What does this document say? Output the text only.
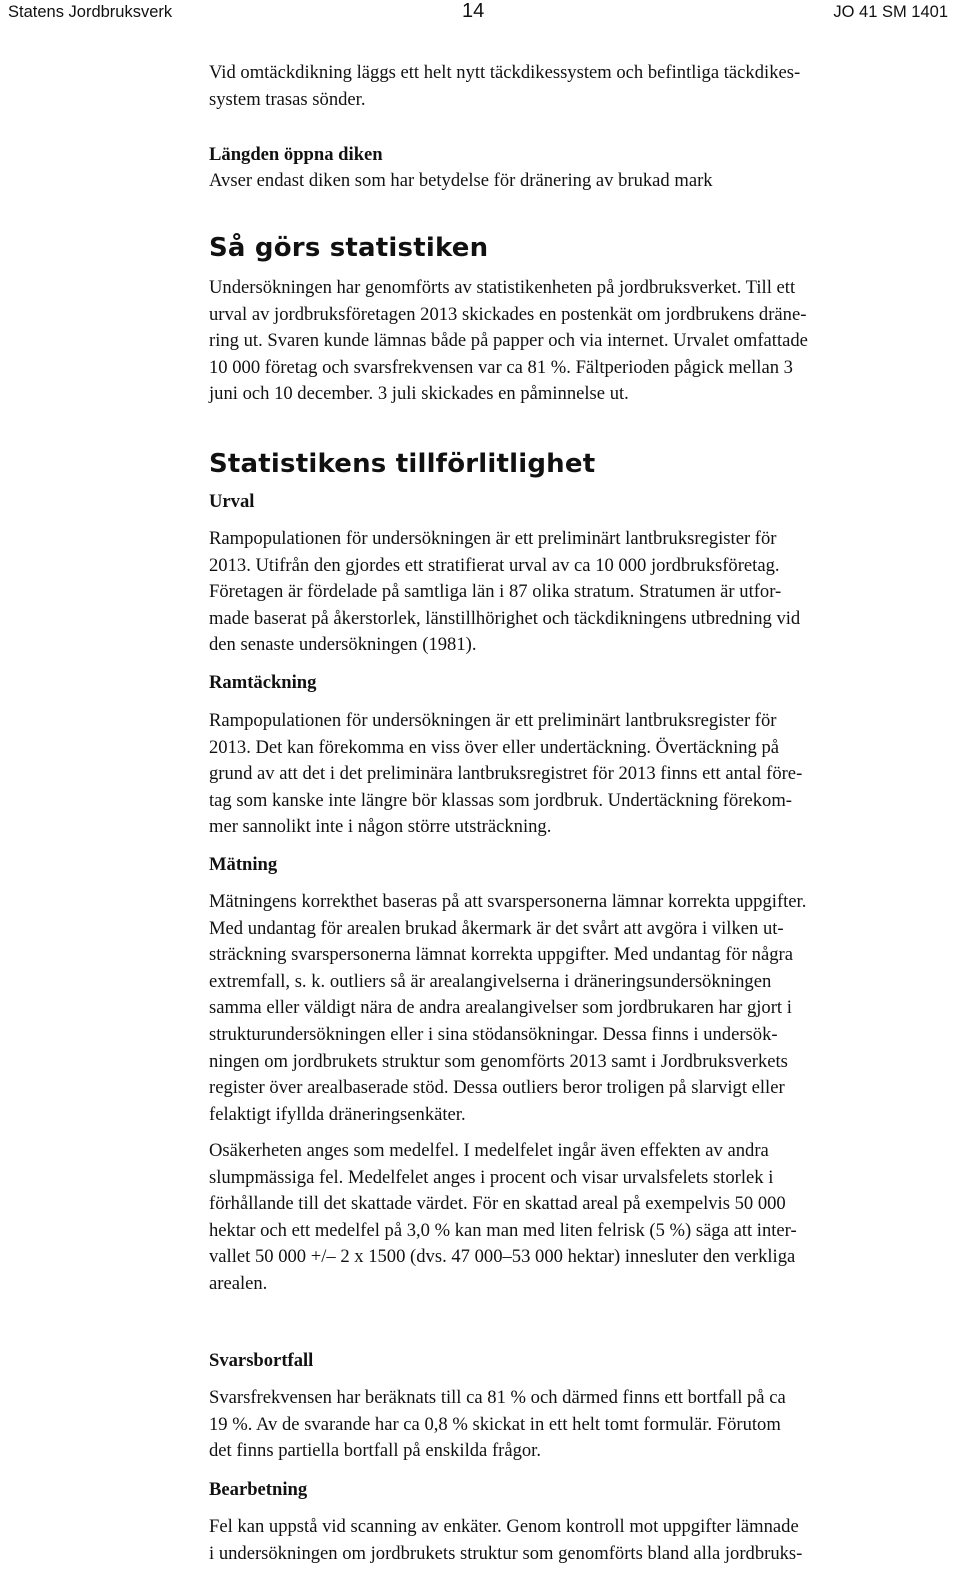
Statens Jordbruksverk	14	JO 41 SM 1401

Vid omtäckdikning läggs ett helt nytt täckdikessystem och befintliga täckdikes-
system trasas sönder.

Längden öppna diken

Avser endast diken som har betydelse för dränering av brukad mark

Så görs statistiken

Undersökningen har genomförts av statistikenheten på jordbruksverket. Till ett
urval av jordbruksföretagen 2013 skickades en postenkät om jordbrukens dräne-
ring ut. Svaren kunde lämnas både på papper och via internet. Urvalet omfattade
10 000 företag och svarsfrekvensen var ca 81 %. Fältperioden pågick mellan 3
juni och 10 december. 3 juli skickades en påminnelse ut.

Statistikens tillförlitlighet
Urval

Rampopulationen för undersökningen är ett preliminärt lantbruksregister för
2013. Utifrån den gjordes ett stratifierat urval av ca 10 000 jordbruksföretag.
Företagen är fördelade på samtliga län i 87 olika stratum. Stratumen är utfor-
made baserat på åkerstorlek, länstillhörighet och täckdikningens utbredning vid
den senaste undersökningen (1981).

Ramtäckning

Rampopulationen för undersökningen är ett preliminärt lantbruksregister för
2013. Det kan förekomma en viss över eller undertäckning. Övertäckning på
grund av att det i det preliminära lantbruksregistret för 2013 finns ett antal före-
tag som kanske inte längre bör klassas som jordbruk. Undertäckning förekom-
mer sannolikt inte i någon större utsträckning.

Mätning

Mätningens korrekthet baseras på att svarspersonerna lämnar korrekta uppgifter.
Med undantag för arealen brukad åkermark är det svårt att avgöra i vilken ut-
sträckning svarspersonerna lämnat korrekta uppgifter. Med undantag för några
extremfall, s. k. outliers så är arealangivelserna i dräneringsundersökningen
samma eller väldigt nära de andra arealangivelser som jordbrukaren har gjort i
strukturundersökningen eller i sina stödansökningar. Dessa finns i undersök-
ningen om jordbrukets struktur som genomförts 2013 samt i Jordbruksverkets
register över arealbaserade stöd. Dessa outliers beror troligen på slarvigt eller
felaktigt ifyllda dräneringsenkäter.

Osäkerheten anges som medelfel. I medelfelet ingår även effekten av andra
slumpmässiga fel. Medelfelet anges i procent och visar urvalsfelets storlek i
förhållande till det skattade värdet. För en skattad areal på exempelvis 50 000
hektar och ett medelfel på 3,0 % kan man med liten felrisk (5 %) säga att inter-
vallet 50 000 +/– 2 x 1500 (dvs. 47 000–53 000 hektar) innesluter den verkliga
arealen.

Svarsbortfall

Svarsfrekvensen har beräknats till ca 81 % och därmed finns ett bortfall på ca
19 %. Av de svarande har ca 0,8 % skickat in ett helt tomt formulär. Förutom
det finns partiella bortfall på enskilda frågor.

Bearbetning

Fel kan uppstå vid scanning av enkäter. Genom kontroll mot uppgifter lämnade
i undersökningen om jordbrukets struktur som genomförts bland alla jordbruks-
